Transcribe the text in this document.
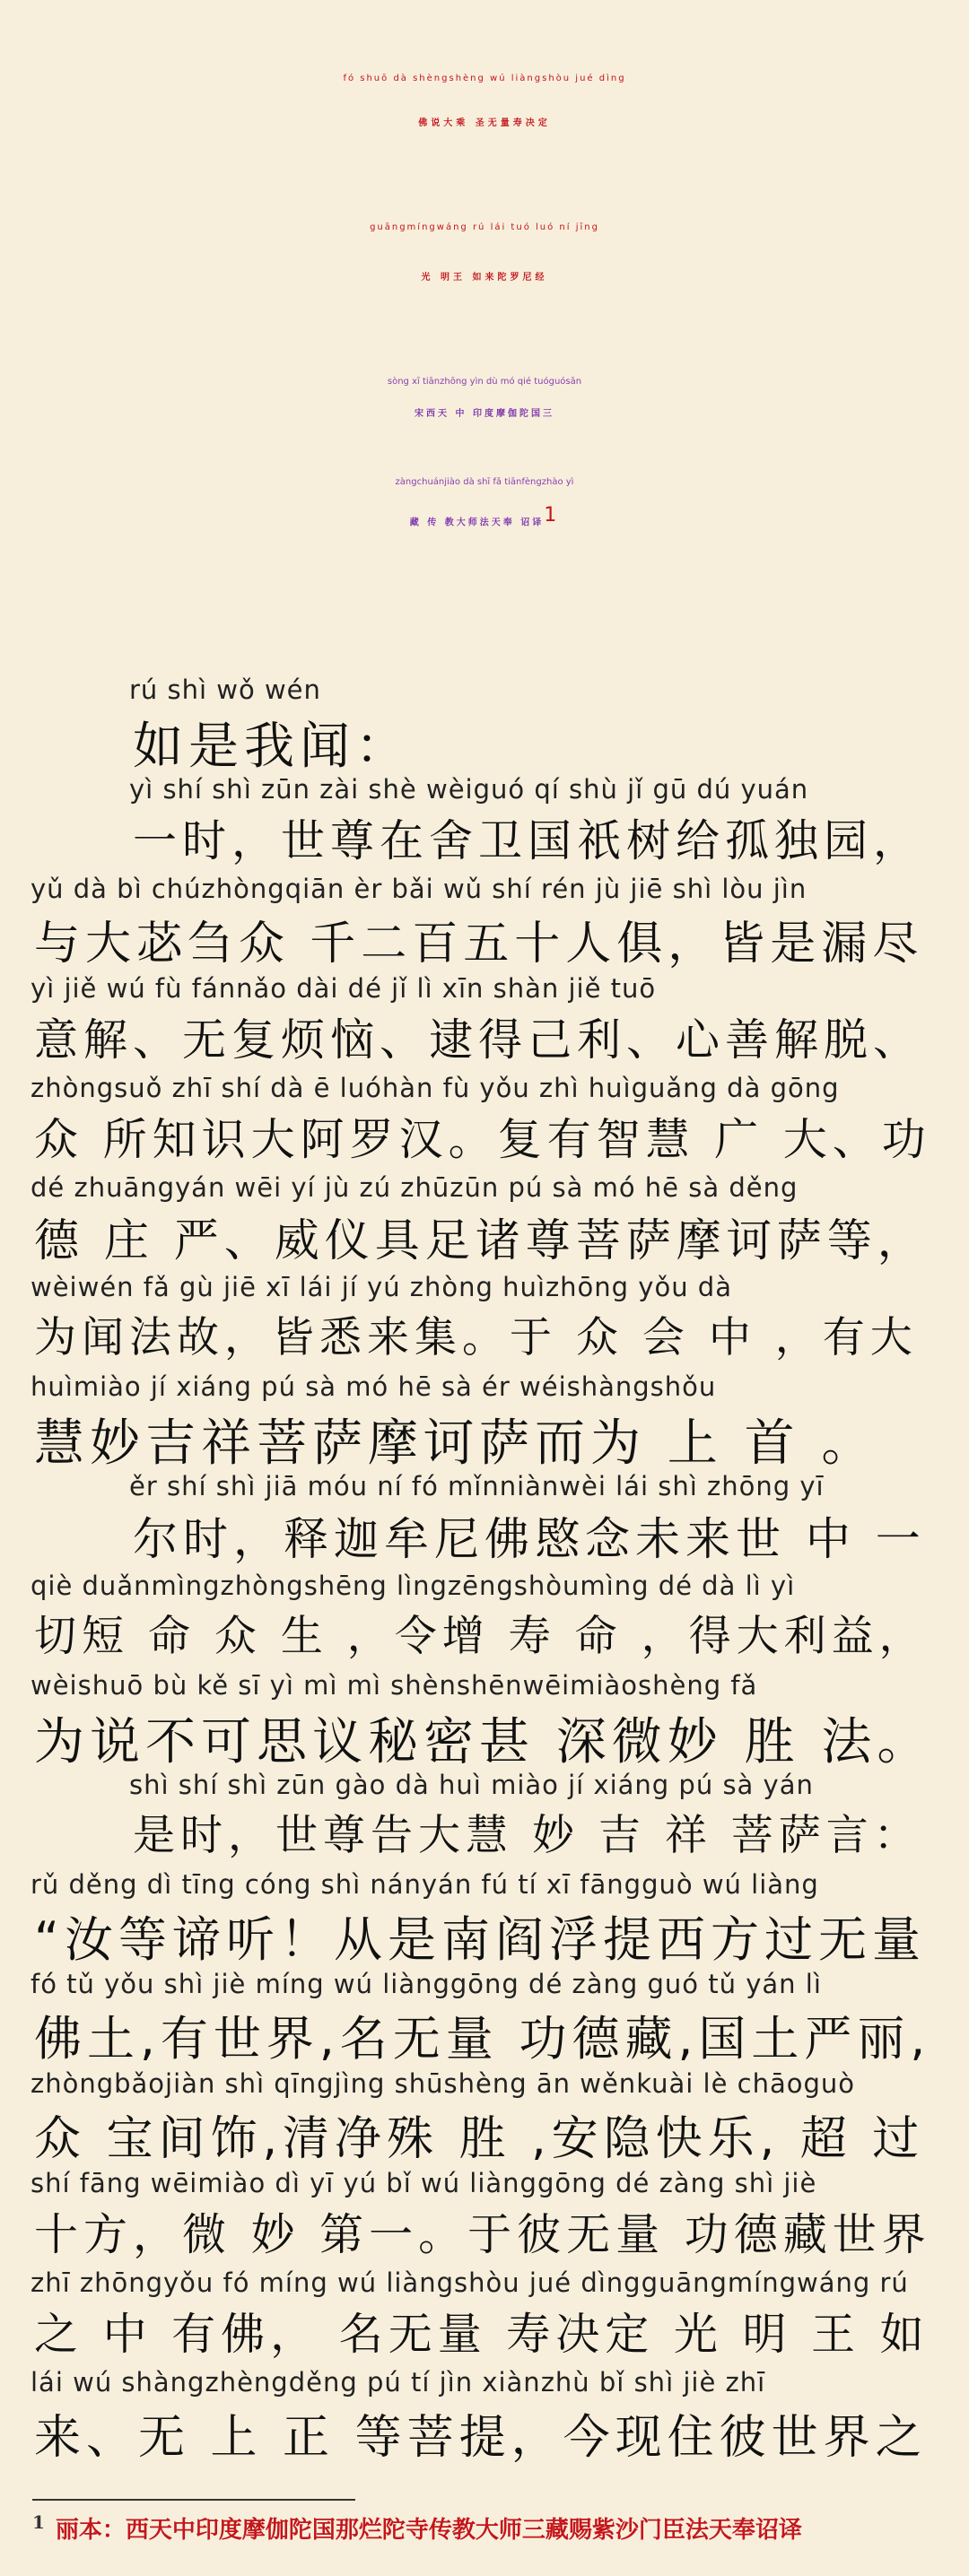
fó shuō dà shèngshèng wú liàngshòu jué dìng
佛说大乘 圣无量寿决定
guāngmíngwáng rú lái tuó luó ní jīng
光 明王 如来陀罗尼经
sòng xī tiānzhōng yìn dù mó qié tuóguósān
宋西天 中 印度摩伽陀国三
zàngchuánjiào dà shī fǎ tiānfèngzhào yì
藏 传 教大师法天奉 诏译1
rú shì wǒ wén
如是我闻：
yì shí shì zūn zài shè wèiguó qí shù jǐ gū dú yuán
一时，世尊在舍卫国祇树给孤独园，
yǔ dà bì chúzhòngqiān èr bǎi wǔ shí rén jù jiē shì lòu jìn
与大苾刍众 千二百五十人俱，皆是漏尽
yì jiě wú fù fánnǎo dài dé jǐ lì xīn shàn jiě tuō
意解、无复烦恼、逮得己利、心善解脱、
zhòngsuǒ zhī shí dà ē luóhàn fù yǒu zhì huìguǎng dà gōng
众 所知识大阿罗汉。复有智慧 广 大、功
dé zhuāngyán wēi yí jù zú zhūzūn pú sà mó hē sà děng
德 庄 严、威仪具足诸尊菩萨摩诃萨等，
wèiwén fǎ gù jiē xī lái jí yú zhòng huìzhōng yǒu dà
为闻法故，皆悉来集。于 众 会 中 ，有大
huìmiào jí xiáng pú sà mó hē sà ér wéishàngshǒu
慧妙吉祥菩萨摩诃萨而为 上 首 。
ěr shí shì jiā móu ní fó mǐnniànwèi lái shì zhōng yī
尔时，释迦牟尼佛愍念未来世 中 一
qiè duǎnmìngzhòngshēng lìngzēngshòumìng dé dà lì yì
切短 命 众 生 ，令增 寿 命 ，得大利益，
wèishuō bù kě sī yì mì mì shènshēnwēimiàoshèng fǎ
为说不可思议秘密甚 深微妙 胜 法。
shì shí shì zūn gào dà huì miào jí xiáng pú sà yán
是时，世尊告大慧 妙 吉 祥 菩萨言：
rǔ děng dì tīng cóng shì nányán fú tí xī fāngguò wú liàng
“汝等谛听！从是南阎浮提西方过无量
fó tǔ yǒu shì jiè míng wú liànggōng dé zàng guó tǔ yán lì
佛土,有世界,名无量 功德藏,国土严丽,
zhòngbǎojiàn shì qīngjìng shūshèng ān wěnkuài lè chāoguò
众 宝间饰,清净殊 胜 ,安隐快乐, 超 过
shí fāng wēimiào dì yī yú bǐ wú liànggōng dé zàng shì jiè
十方，微 妙 第一。于彼无量 功德藏世界
zhī zhōngyǒu fó míng wú liàngshòu jué dìngguāngmíngwáng rú
之 中 有佛， 名无量 寿决定 光 明 王 如
lái wú shàngzhèngděng pú tí jìn xiànzhù bǐ shì jiè zhī
来、无 上 正 等菩提，今现住彼世界之
$^1$ 丽本：西天中印度摩伽陀国那烂陀寺传教大师三藏赐紫沙门臣法天奉诏译
